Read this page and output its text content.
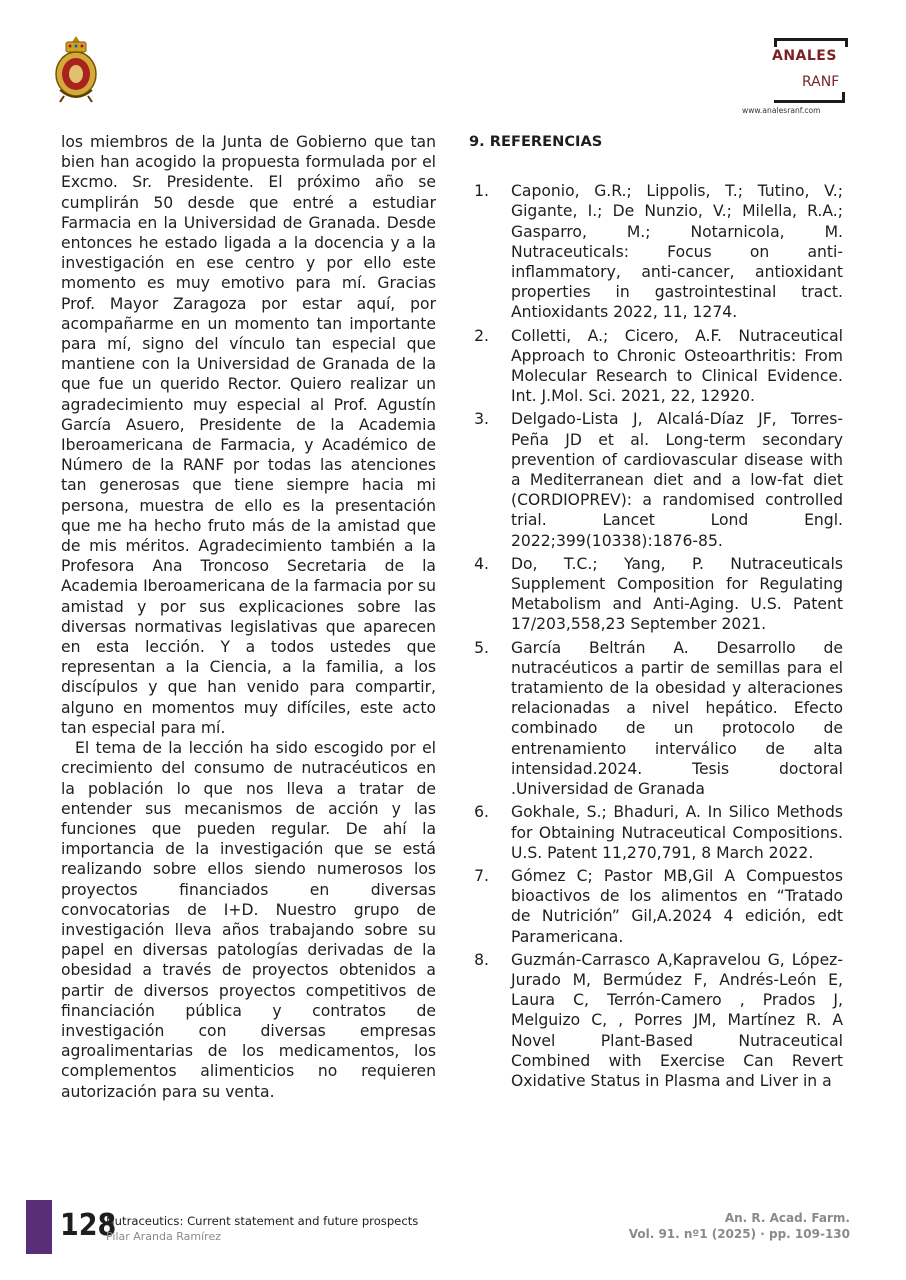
ANALES
RANF
www.analesranf.com

los miembros de la Junta de Gobierno que tan bien han acogido la propuesta formulada por el Excmo. Sr. Presidente. El próximo año se cumplirán 50 desde que entré a estudiar Farmacia en la Universidad de Granada. Desde entonces he estado ligada a la docencia y a la investigación en ese centro y por ello este momento es muy emotivo para mí. Gracias Prof. Mayor Zaragoza por estar aquí, por acompañarme en un momento tan importante para mí, signo del vínculo tan especial que mantiene con la Universidad de Granada de la que fue un querido Rector. Quiero realizar un agradecimiento muy especial al Prof. Agustín García Asuero, Presidente de la Academia Iberoamericana de Farmacia, y Académico de Número de la RANF por todas las atenciones tan generosas que tiene siempre hacia mi persona, muestra de ello es la presentación que me ha hecho fruto más de la amistad que de mis méritos. Agradecimiento también a la Profesora Ana Troncoso Secretaria de la Academia Iberoamericana de la farmacia por su amistad y por sus explicaciones sobre las diversas normativas legislativas que aparecen en esta lección. Y a todos ustedes que representan a la Ciencia, a la familia, a los discípulos y que han venido para compartir, alguno en momentos muy difíciles, este acto tan especial para mí.

El tema de la lección ha sido escogido por el crecimiento del consumo de nutracéuticos en la población lo que nos lleva a tratar de entender sus mecanismos de acción y las funciones que pueden regular. De ahí la importancia de la investigación que se está realizando sobre ellos siendo numerosos los proyectos financiados en diversas convocatorias de I+D. Nuestro grupo de investigación lleva años trabajando sobre su papel en diversas patologías derivadas de la obesidad a través de proyectos obtenidos a partir de diversos proyectos competitivos de financiación pública y contratos de investigación con diversas empresas agroalimentarias de los medicamentos, los complementos alimenticios no requieren autorización para su venta.

9. REFERENCIAS
1. Caponio, G.R.; Lippolis, T.; Tutino, V.; Gigante, I.; De Nunzio, V.; Milella, R.A.; Gasparro, M.; Notarnicola, M. Nutraceuticals: Focus on anti-inflammatory, anti-cancer, antioxidant properties in gastrointestinal tract. Antioxidants 2022, 11, 1274.
2. Colletti, A.; Cicero, A.F. Nutraceutical Approach to Chronic Osteoarthritis: From Molecular Research to Clinical Evidence. Int. J.Mol. Sci. 2021, 22, 12920.
3. Delgado-Lista J, Alcalá-Díaz JF, Torres-Peña JD et al. Long-term secondary prevention of cardiovascular disease with a Mediterranean diet and a low-fat diet (CORDIOPREV): a randomised controlled trial. Lancet Lond Engl. 2022;399(10338):1876-85.
4. Do, T.C.; Yang, P. Nutraceuticals Supplement Composition for Regulating Metabolism and Anti-Aging. U.S. Patent 17/203,558,23 September 2021.
5. García Beltrán A. Desarrollo de nutracéuticos a partir de semillas para el tratamiento de la obesidad y alteraciones relacionadas a nivel hepático. Efecto combinado de un protocolo de entrenamiento interválico de alta intensidad.2024. Tesis doctoral .Universidad de Granada
6. Gokhale, S.; Bhaduri, A. In Silico Methods for Obtaining Nutraceutical Compositions. U.S. Patent 11,270,791, 8 March 2022.
7. Gómez C; Pastor MB,Gil A Compuestos bioactivos de los alimentos en “Tratado de Nutrición” Gil,A.2024 4 edición, edt Paramericana.
8. Guzmán-Carrasco A,Kapravelou G, López-Jurado M, Bermúdez F, Andrés-León E, Laura C, Terrón-Camero , Prados J, Melguizo C, , Porres JM, Martínez R. A Novel Plant-Based Nutraceutical Combined with Exercise Can Revert Oxidative Status in Plasma and Liver in a
128
Nutraceutics: Current statement and future prospects
Pilar Aranda Ramírez
An. R. Acad. Farm.
Vol. 91. nº1 (2025) · pp. 109-130
